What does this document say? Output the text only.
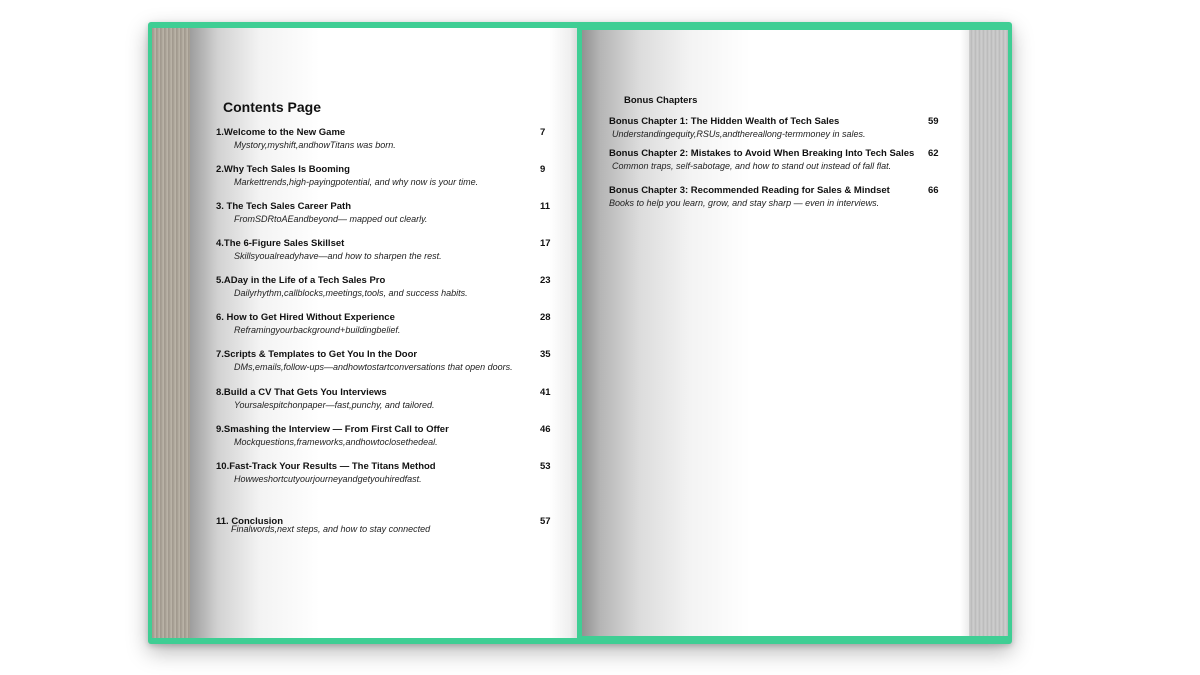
Contents Page
1.Welcome to the New Game
Mystory,myshift,andhowTitans was born.
7
2.Why Tech Sales Is Booming
Markettrends,high-payingpotential, and why now is your time.
9
3. The Tech Sales Career Path
FromSDRtoAEandbeyond— mapped out clearly.
11
4.The 6-Figure Sales Skillset
Skillsyoualreadyhave—and how to sharpen the rest.
17
5.ADay in the Life of a Tech Sales Pro
Dailyrhythm,callblocks,meetings,tools, and success habits.
23
6. How to Get Hired Without Experience
Reframingyourbackground+buildingbelief.
28
7.Scripts & Templates to Get You In the Door
DMs,emails,follow-ups—andhowtostartconversations that open doors.
35
8.Build a CV That Gets You Interviews
Yoursalespitchonpaper—fast,punchy, and tailored.
41
9.Smashing the Interview — From First Call to Offer
Mockquestions,frameworks,andhowtoclosethedeal.
46
10.Fast-Track Your Results — The Titans Method
Howweshortcutyourjourneyandgetyouhiredfast.
53
11. Conclusion
Finalwords,next steps, and how to stay connected
57
Bonus Chapters
Bonus Chapter 1: The Hidden Wealth of Tech Sales
Understandingequity,RSUs,andthereallong-termmoney in sales.
59
Bonus Chapter 2: Mistakes to Avoid When Breaking Into Tech Sales
Common traps, self-sabotage, and how to stand out instead of fall flat.
62
Bonus Chapter 3: Recommended Reading for Sales & Mindset
Books to help you learn, grow, and stay sharp — even in interviews.
66
